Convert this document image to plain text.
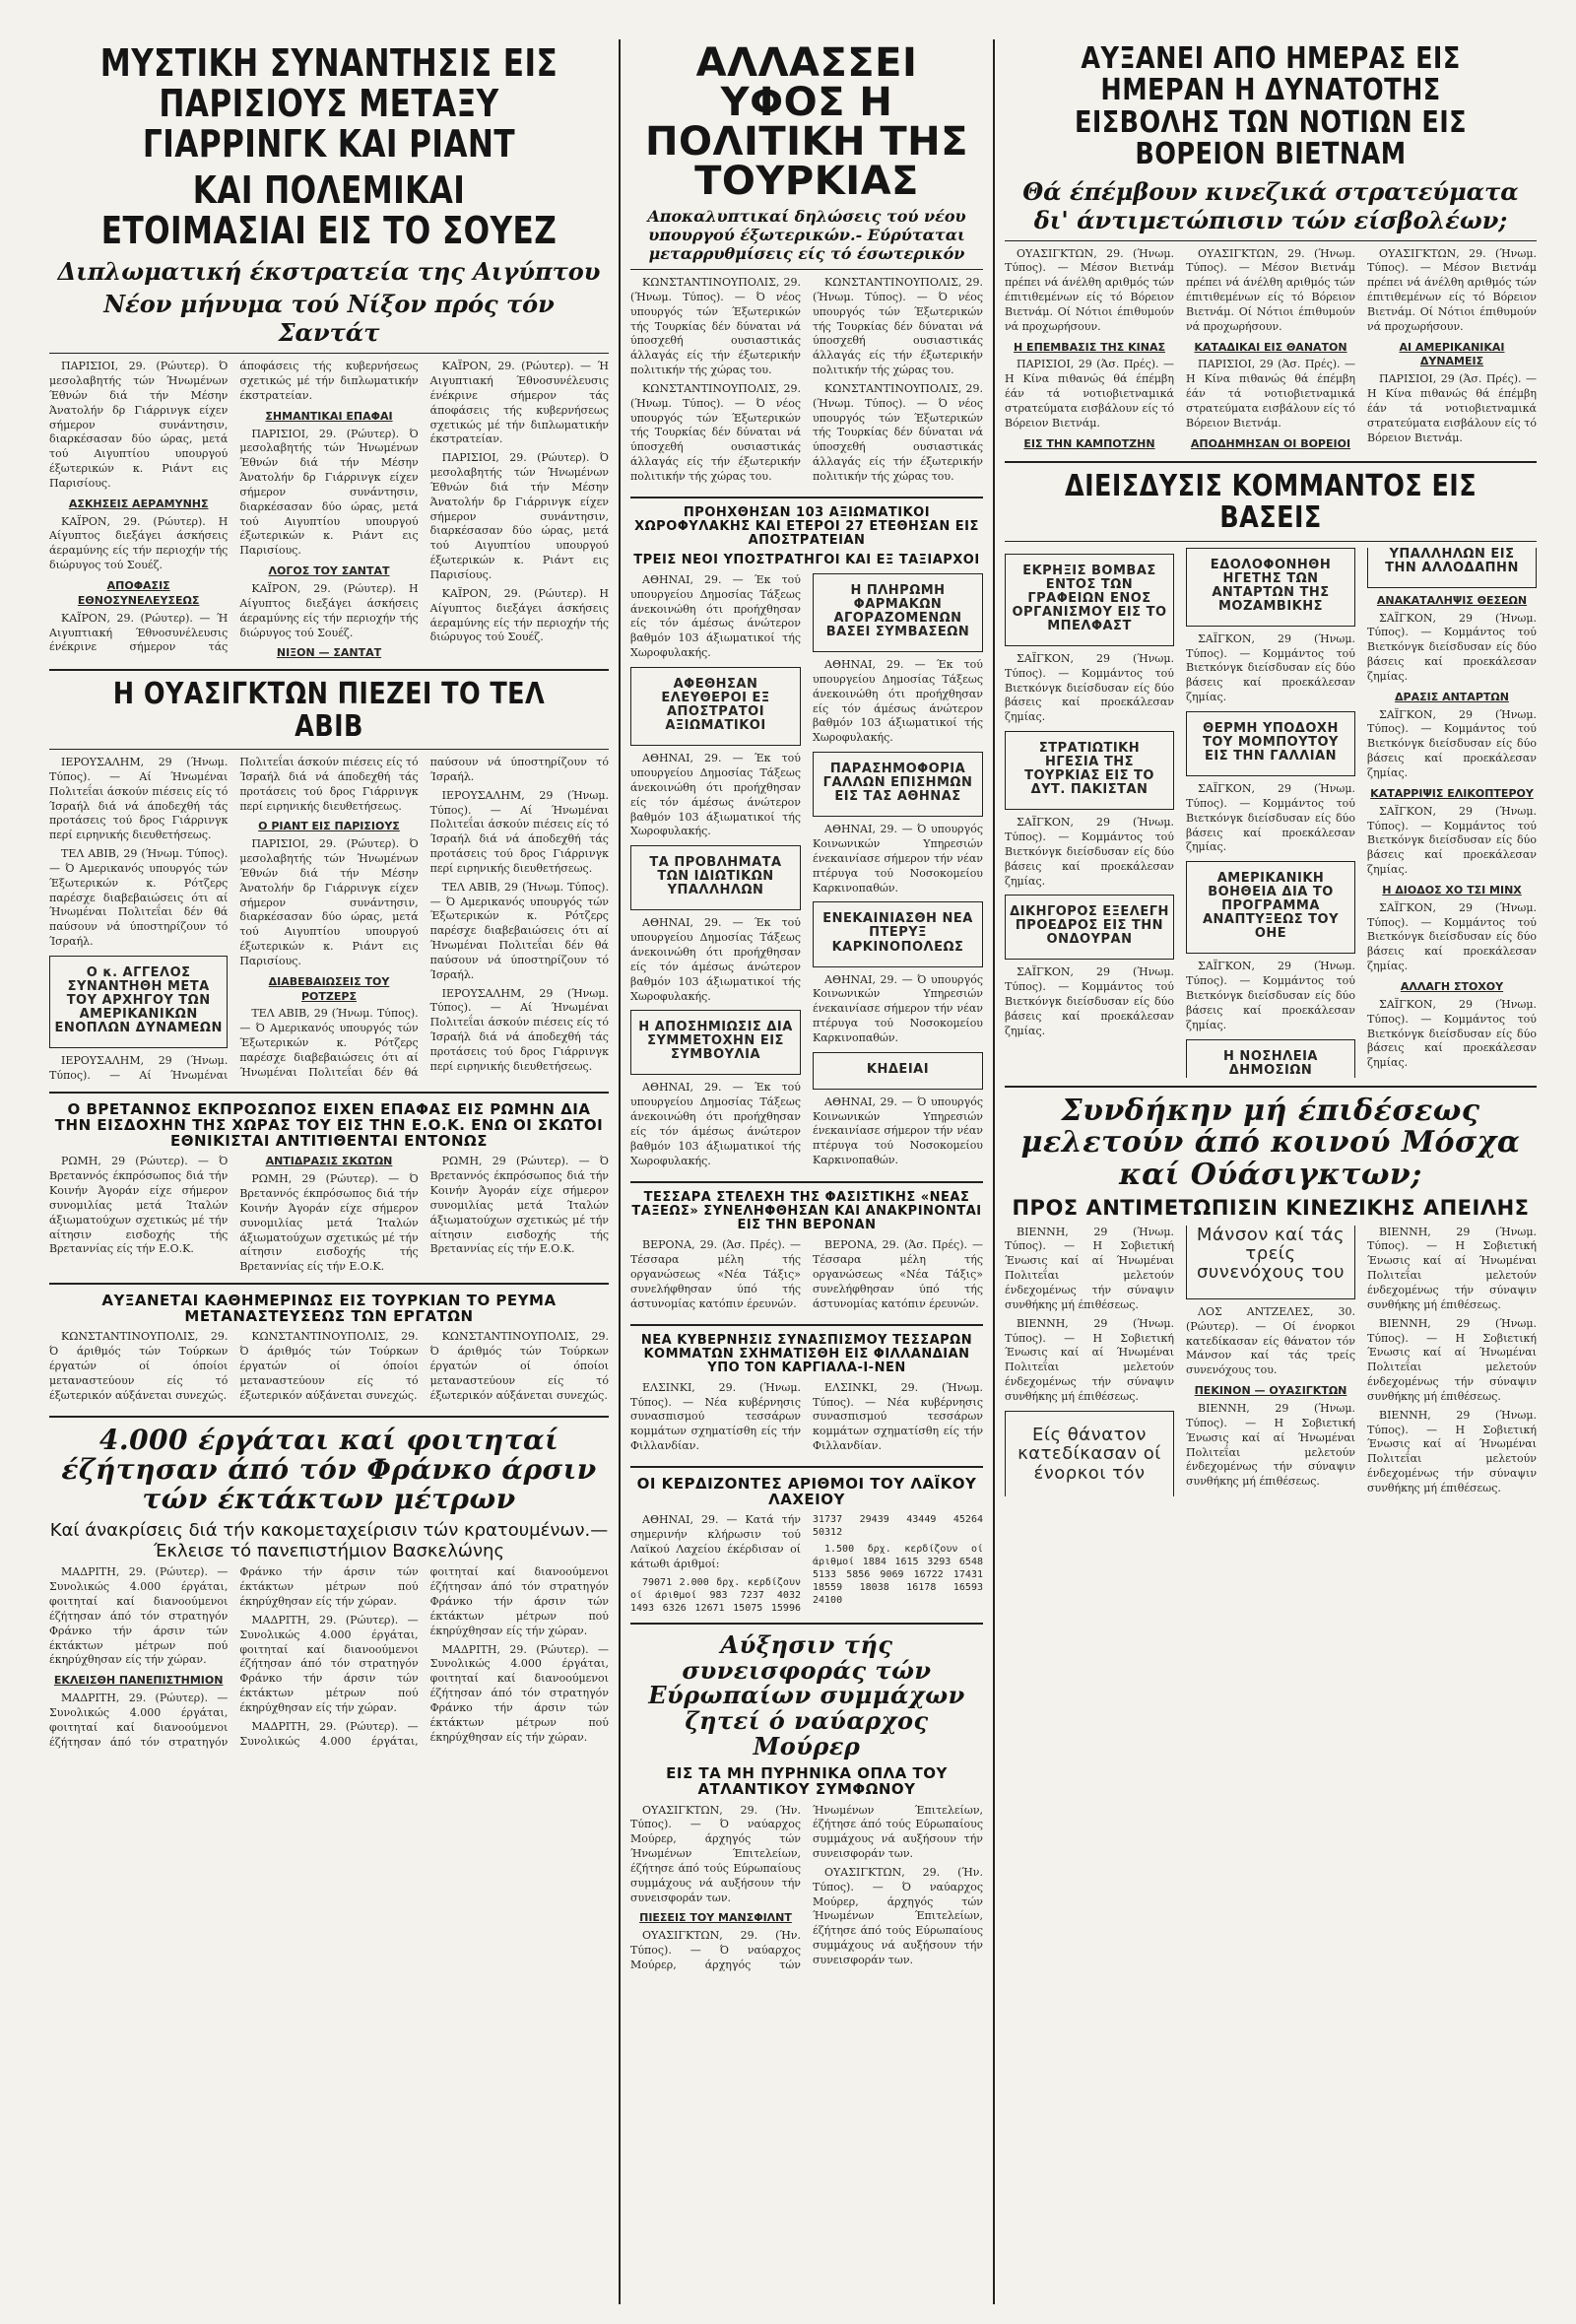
ΜΥΣΤΙΚΗ ΣΥΝΑΝΤΗΣΙΣ ΕΙΣ ΠΑΡΙΣΙΟΥΣ ΜΕΤΑΞΥ ΓΙΑΡΡΙΝΓΚ ΚΑΙ ΡΙΑΝΤ
ΚΑΙ ΠΟΛΕΜΙΚΑΙ ΕΤΟΙΜΑΣΙΑΙ ΕΙΣ ΤΟ ΣΟΥΕΖ
Διπλωματική έκστρατεία της Αιγύπτου
Νέον μήνυμα τού Νίξον πρός τόν Σαντάτ

ΠΑΡΙΣΙΟΙ, 29. (Ρώυτερ). Ό μεσολαβητής τών Ήνωμένων Έθνών διά τήν Μέσην Άνατολήν δρ Γιάρρινγκ είχεν σήμερον συνάντησιν, διαρκέσασαν δύο ώρας, μετά τού Αιγυπτίου υπουργού έξωτερικών κ. Ριάντ εις Παρισίους.

ΑΣΚΗΣΕΙΣ ΑΕΡΑΜΥΝΗΣ

ΚΑΪΡΟΝ, 29. (Ρώυτερ). Η Αίγυπτος διεξάγει άσκήσεις άεραμύνης είς τήν περιοχήν τής διώρυγος τού Σουέζ.

ΑΠΟΦΑΣΙΣ ΕΘΝΟΣΥΝΕΛΕΥΣΕΩΣ

ΚΑΪΡΟΝ, 29. (Ρώυτερ). — Ή Αιγυπτιακή Έθνοσυνέλευσις ένέκρινε σήμερον τάς άποφάσεις τής κυβερνήσεως σχετικώς μέ τήν διπλωματικήν έκστρατείαν.

ΣΗΜΑΝΤΙΚΑΙ ΕΠΑΦΑΙ

ΠΑΡΙΣΙΟΙ, 29. (Ρώυτερ). Ό μεσολαβητής τών Ήνωμένων Έθνών διά τήν Μέσην Άνατολήν δρ Γιάρρινγκ είχεν σήμερον συνάντησιν, διαρκέσασαν δύο ώρας, μετά τού Αιγυπτίου υπουργού έξωτερικών κ. Ριάντ εις Παρισίους.

ΛΟΓΟΣ ΤΟΥ ΣΑΝΤΑΤ

ΚΑΪΡΟΝ, 29. (Ρώυτερ). Η Αίγυπτος διεξάγει άσκήσεις άεραμύνης είς τήν περιοχήν τής διώρυγος τού Σουέζ.

ΝΙΞΟΝ — ΣΑΝΤΑΤ

ΚΑΪΡΟΝ, 29. (Ρώυτερ). — Ή Αιγυπτιακή Έθνοσυνέλευσις ένέκρινε σήμερον τάς άποφάσεις τής κυβερνήσεως σχετικώς μέ τήν διπλωματικήν έκστρατείαν.

ΠΑΡΙΣΙΟΙ, 29. (Ρώυτερ). Ό μεσολαβητής τών Ήνωμένων Έθνών διά τήν Μέσην Άνατολήν δρ Γιάρρινγκ είχεν σήμερον συνάντησιν, διαρκέσασαν δύο ώρας, μετά τού Αιγυπτίου υπουργού έξωτερικών κ. Ριάντ εις Παρισίους.

ΚΑΪΡΟΝ, 29. (Ρώυτερ). Η Αίγυπτος διεξάγει άσκήσεις άεραμύνης είς τήν περιοχήν τής διώρυγος τού Σουέζ.

Η ΟΥΑΣΙΓΚΤΩΝ ΠΙΕΖΕΙ ΤΟ ΤΕΛ ΑΒΙΒ

ΙΕΡΟΥΣΑΛΗΜ, 29 (Ήνωμ. Τύπος). — Αί Ήνωμέναι Πολιτεΐαι άσκούν πιέσεις είς τό Ίσραήλ διά νά άποδεχθή τάς προτάσεις τού δρος Γιάρρινγκ περί ειρηνικής διευθετήσεως.

ΤΕΛ ΑΒΙΒ, 29 (Ήνωμ. Τύπος). — Ό Αμερικανός υπουργός τών Έξωτερικών κ. Ρότζερς παρέσχε διαβεβαιώσεις ότι αί Ήνωμέναι Πολιτεΐαι δέν θά παύσουν νά ύποστηρίζουν τό Ίσραήλ.

Ο κ. ΑΓΓΕΛΟΣ ΣΥΝΑΝΤΗΘΗ ΜΕΤΑ ΤΟΥ ΑΡΧΗΓΟΥ ΤΩΝ ΑΜΕΡΙΚΑΝΙΚΩΝ ΕΝΟΠΛΩΝ ΔΥΝΑΜΕΩΝ

ΙΕΡΟΥΣΑΛΗΜ, 29 (Ήνωμ. Τύπος). — Αί Ήνωμέναι Πολιτεΐαι άσκούν πιέσεις είς τό Ίσραήλ διά νά άποδεχθή τάς προτάσεις τού δρος Γιάρρινγκ περί ειρηνικής διευθετήσεως.

Ο ΡΙΑΝΤ ΕΙΣ ΠΑΡΙΣΙΟΥΣ

ΠΑΡΙΣΙΟΙ, 29. (Ρώυτερ). Ό μεσολαβητής τών Ήνωμένων Έθνών διά τήν Μέσην Άνατολήν δρ Γιάρρινγκ είχεν σήμερον συνάντησιν, διαρκέσασαν δύο ώρας, μετά τού Αιγυπτίου υπουργού έξωτερικών κ. Ριάντ εις Παρισίους.

ΔΙΑΒΕΒΑΙΩΣΕΙΣ ΤΟΥ ΡΟΤΖΕΡΣ

ΤΕΛ ΑΒΙΒ, 29 (Ήνωμ. Τύπος). — Ό Αμερικανός υπουργός τών Έξωτερικών κ. Ρότζερς παρέσχε διαβεβαιώσεις ότι αί Ήνωμέναι Πολιτεΐαι δέν θά παύσουν νά ύποστηρίζουν τό Ίσραήλ.

ΙΕΡΟΥΣΑΛΗΜ, 29 (Ήνωμ. Τύπος). — Αί Ήνωμέναι Πολιτεΐαι άσκούν πιέσεις είς τό Ίσραήλ διά νά άποδεχθή τάς προτάσεις τού δρος Γιάρρινγκ περί ειρηνικής διευθετήσεως.

ΤΕΛ ΑΒΙΒ, 29 (Ήνωμ. Τύπος). — Ό Αμερικανός υπουργός τών Έξωτερικών κ. Ρότζερς παρέσχε διαβεβαιώσεις ότι αί Ήνωμέναι Πολιτεΐαι δέν θά παύσουν νά ύποστηρίζουν τό Ίσραήλ.

ΙΕΡΟΥΣΑΛΗΜ, 29 (Ήνωμ. Τύπος). — Αί Ήνωμέναι Πολιτεΐαι άσκούν πιέσεις είς τό Ίσραήλ διά νά άποδεχθή τάς προτάσεις τού δρος Γιάρρινγκ περί ειρηνικής διευθετήσεως.

Ο ΒΡΕΤΑΝΝΟΣ ΕΚΠΡΟΣΩΠΟΣ ΕΙΧΕΝ ΕΠΑΦΑΣ ΕΙΣ ΡΩΜΗΝ ΔΙΑ ΤΗΝ ΕΙΣΔΟΧΗΝ ΤΗΣ ΧΩΡΑΣ ΤΟΥ ΕΙΣ ΤΗΝ Ε.Ο.Κ. ΕΝΩ ΟΙ ΣΚΩΤΟΙ ΕΘΝΙΚΙΣΤΑΙ ΑΝΤΙΤΙΘΕΝΤΑΙ ΕΝΤΟΝΩΣ

ΡΩΜΗ, 29 (Ρώυτερ). — Ό Βρεταννός έκπρόσωπος διά τήν Κοινήν Άγοράν είχε σήμερον συνομιλίας μετά Ίταλών άξιωματούχων σχετικώς μέ τήν αίτησιν εισδοχής τής Βρεταννίας είς τήν Ε.Ο.Κ.

ΑΝΤΙΔΡΑΣΙΣ ΣΚΩΤΩΝ

ΡΩΜΗ, 29 (Ρώυτερ). — Ό Βρεταννός έκπρόσωπος διά τήν Κοινήν Άγοράν είχε σήμερον συνομιλίας μετά Ίταλών άξιωματούχων σχετικώς μέ τήν αίτησιν εισδοχής τής Βρεταννίας είς τήν Ε.Ο.Κ.

ΡΩΜΗ, 29 (Ρώυτερ). — Ό Βρεταννός έκπρόσωπος διά τήν Κοινήν Άγοράν είχε σήμερον συνομιλίας μετά Ίταλών άξιωματούχων σχετικώς μέ τήν αίτησιν εισδοχής τής Βρεταννίας είς τήν Ε.Ο.Κ.

ΑΥΞΑΝΕΤΑΙ ΚΑΘΗΜΕΡΙΝΩΣ ΕΙΣ ΤΟΥΡΚΙΑΝ ΤΟ ΡΕΥΜΑ ΜΕΤΑΝΑΣΤΕΥΣΕΩΣ ΤΩΝ ΕΡΓΑΤΩΝ

ΚΩΝΣΤΑΝΤΙΝΟΥΠΟΛΙΣ, 29. Ό άριθμός τών Τούρκων έργατών οί όποίοι μεταναστεύουν είς τό έξωτερικόν αύξάνεται συνεχώς.

ΚΩΝΣΤΑΝΤΙΝΟΥΠΟΛΙΣ, 29. Ό άριθμός τών Τούρκων έργατών οί όποίοι μεταναστεύουν είς τό έξωτερικόν αύξάνεται συνεχώς.

ΚΩΝΣΤΑΝΤΙΝΟΥΠΟΛΙΣ, 29. Ό άριθμός τών Τούρκων έργατών οί όποίοι μεταναστεύουν είς τό έξωτερικόν αύξάνεται συνεχώς.

4.000 έργάται καί φοιτηταί έζήτησαν άπό τόν Φράνκο άρσιν τών έκτάκτων μέτρων
Καί άνακρίσεις διά τήν κακομεταχείρισιν τών κρατουμένων.—Έκλεισε τό πανεπιστήμιον Βασκελώνης

ΜΑΔΡΙΤΗ, 29. (Ρώυτερ). — Συνολικώς 4.000 έργάται, φοιτηταί καί διανοούμενοι έζήτησαν άπό τόν στρατηγόν Φράνκο τήν άρσιν τών έκτάκτων μέτρων πού έκηρύχθησαν είς τήν χώραν.

ΕΚΛΕΙΣΘΗ ΠΑΝΕΠΙΣΤΗΜΙΟΝ

ΜΑΔΡΙΤΗ, 29. (Ρώυτερ). — Συνολικώς 4.000 έργάται, φοιτηταί καί διανοούμενοι έζήτησαν άπό τόν στρατηγόν Φράνκο τήν άρσιν τών έκτάκτων μέτρων πού έκηρύχθησαν είς τήν χώραν.

ΜΑΔΡΙΤΗ, 29. (Ρώυτερ). — Συνολικώς 4.000 έργάται, φοιτηταί καί διανοούμενοι έζήτησαν άπό τόν στρατηγόν Φράνκο τήν άρσιν τών έκτάκτων μέτρων πού έκηρύχθησαν είς τήν χώραν.

ΜΑΔΡΙΤΗ, 29. (Ρώυτερ). — Συνολικώς 4.000 έργάται, φοιτηταί καί διανοούμενοι έζήτησαν άπό τόν στρατηγόν Φράνκο τήν άρσιν τών έκτάκτων μέτρων πού έκηρύχθησαν είς τήν χώραν.

ΜΑΔΡΙΤΗ, 29. (Ρώυτερ). — Συνολικώς 4.000 έργάται, φοιτηταί καί διανοούμενοι έζήτησαν άπό τόν στρατηγόν Φράνκο τήν άρσιν τών έκτάκτων μέτρων πού έκηρύχθησαν είς τήν χώραν.

ΑΛΛΑΣΣΕΙ ΥΦΟΣ Η ΠΟΛΙΤΙΚΗ ΤΗΣ ΤΟΥΡΚΙΑΣ
Αποκαλυπτικαί δηλώσεις τού νέου υπουργού έξωτερικών.- Εύρύταται μεταρρυθμίσεις είς τό έσωτερικόν

ΚΩΝΣΤΑΝΤΙΝΟΥΠΟΛΙΣ, 29. (Ήνωμ. Τύπος). — Ό νέος υπουργός τών Έξωτερικών τής Τουρκίας δέν δύναται νά ύποσχεθή ουσιαστικάς άλλαγάς είς τήν έξωτερικήν πολιτικήν τής χώρας του.

ΚΩΝΣΤΑΝΤΙΝΟΥΠΟΛΙΣ, 29. (Ήνωμ. Τύπος). — Ό νέος υπουργός τών Έξωτερικών τής Τουρκίας δέν δύναται νά ύποσχεθή ουσιαστικάς άλλαγάς είς τήν έξωτερικήν πολιτικήν τής χώρας του.

ΚΩΝΣΤΑΝΤΙΝΟΥΠΟΛΙΣ, 29. (Ήνωμ. Τύπος). — Ό νέος υπουργός τών Έξωτερικών τής Τουρκίας δέν δύναται νά ύποσχεθή ουσιαστικάς άλλαγάς είς τήν έξωτερικήν πολιτικήν τής χώρας του.

ΚΩΝΣΤΑΝΤΙΝΟΥΠΟΛΙΣ, 29. (Ήνωμ. Τύπος). — Ό νέος υπουργός τών Έξωτερικών τής Τουρκίας δέν δύναται νά ύποσχεθή ουσιαστικάς άλλαγάς είς τήν έξωτερικήν πολιτικήν τής χώρας του.

ΠΡΟΗΧΘΗΣΑΝ 103 ΑΞΙΩΜΑΤΙΚΟΙ ΧΩΡΟΦΥΛΑΚΗΣ ΚΑΙ ΕΤΕΡΟΙ 27 ΕΤΕΘΗΣΑΝ ΕΙΣ ΑΠΟΣΤΡΑΤΕΙΑΝ
ΤΡΕΙΣ ΝΕΟΙ ΥΠΟΣΤΡΑΤΗΓΟΙ ΚΑΙ ΕΞ ΤΑΞΙΑΡΧΟΙ

ΑΘΗΝΑΙ, 29. — Έκ τού υπουργείου Δημοσίας Τάξεως άνεκοινώθη ότι προήχθησαν είς τόν άμέσως άνώτερον βαθμόν 103 άξιωματικοί τής Χωροφυλακής.

ΑΦΕΘΗΣΑΝ ΕΛΕΥΘΕΡΟΙ ΕΞ ΑΠΟΣΤΡΑΤΟΙ ΑΞΙΩΜΑΤΙΚΟΙ

ΑΘΗΝΑΙ, 29. — Έκ τού υπουργείου Δημοσίας Τάξεως άνεκοινώθη ότι προήχθησαν είς τόν άμέσως άνώτερον βαθμόν 103 άξιωματικοί τής Χωροφυλακής.

ΤΑ ΠΡΟΒΛΗΜΑΤΑ ΤΩΝ ΙΔΙΩΤΙΚΩΝ ΥΠΑΛΛΗΛΩΝ

ΑΘΗΝΑΙ, 29. — Έκ τού υπουργείου Δημοσίας Τάξεως άνεκοινώθη ότι προήχθησαν είς τόν άμέσως άνώτερον βαθμόν 103 άξιωματικοί τής Χωροφυλακής.

Η ΑΠΟΣΗΜΙΩΣΙΣ ΔΙΑ ΣΥΜΜΕΤΟΧΗΝ ΕΙΣ ΣΥΜΒΟΥΛΙΑ

ΑΘΗΝΑΙ, 29. — Έκ τού υπουργείου Δημοσίας Τάξεως άνεκοινώθη ότι προήχθησαν είς τόν άμέσως άνώτερον βαθμόν 103 άξιωματικοί τής Χωροφυλακής.

Η ΠΛΗΡΩΜΗ ΦΑΡΜΑΚΩΝ ΑΓΟΡΑΖΟΜΕΝΩΝ ΒΑΣΕΙ ΣΥΜΒΑΣΕΩΝ

ΑΘΗΝΑΙ, 29. — Έκ τού υπουργείου Δημοσίας Τάξεως άνεκοινώθη ότι προήχθησαν είς τόν άμέσως άνώτερον βαθμόν 103 άξιωματικοί τής Χωροφυλακής.

ΠΑΡΑΣΗΜΟΦΟΡΙΑ ΓΑΛΛΩΝ ΕΠΙΣΗΜΩΝ ΕΙΣ ΤΑΣ ΑΘΗΝΑΣ

ΑΘΗΝΑΙ, 29. — Ό υπουργός Κοινωνικών Υπηρεσιών ένεκαινίασε σήμερον τήν νέαν πτέρυγα τού Νοσοκομείου Καρκινοπαθών.

ΕΝΕΚΑΙΝΙΑΣΘΗ ΝΕΑ ΠΤΕΡΥΞ ΚΑΡΚΙΝΟΠΟΛΕΩΣ

ΑΘΗΝΑΙ, 29. — Ό υπουργός Κοινωνικών Υπηρεσιών ένεκαινίασε σήμερον τήν νέαν πτέρυγα τού Νοσοκομείου Καρκινοπαθών.

ΚΗΔΕΙΑΙ

ΑΘΗΝΑΙ, 29. — Ό υπουργός Κοινωνικών Υπηρεσιών ένεκαινίασε σήμερον τήν νέαν πτέρυγα τού Νοσοκομείου Καρκινοπαθών.

ΤΕΣΣΑΡΑ ΣΤΕΛΕΧΗ ΤΗΣ ΦΑΣΙΣΤΙΚΗΣ «ΝΕΑΣ ΤΑΞΕΩΣ» ΣΥΝΕΛΗΦΘΗΣΑΝ ΚΑΙ ΑΝΑΚΡΙΝΟΝΤΑΙ ΕΙΣ ΤΗΝ ΒΕΡΟΝΑΝ

ΒΕΡΟΝΑ, 29. (Άσ. Πρές). — Τέσσαρα μέλη τής οργανώσεως «Νέα Τάξις» συνελήφθησαν ύπό τής άστυνομίας κατόπιν έρευνών.

ΒΕΡΟΝΑ, 29. (Άσ. Πρές). — Τέσσαρα μέλη τής οργανώσεως «Νέα Τάξις» συνελήφθησαν ύπό τής άστυνομίας κατόπιν έρευνών.

ΝΕΑ ΚΥΒΕΡΝΗΣΙΣ ΣΥΝΑΣΠΙΣΜΟΥ ΤΕΣΣΑΡΩΝ ΚΟΜΜΑΤΩΝ ΣΧΗΜΑΤΙΣΘΗ ΕΙΣ ΦΙΛΛΑΝΔΙΑΝ ΥΠΟ ΤΟΝ ΚΑΡΓΙΑΛΑ-Ι-ΝΕΝ

ΕΛΣΙΝΚΙ, 29. (Ήνωμ. Τύπος). — Νέα κυβέρνησις συνασπισμού τεσσάρων κομμάτων σχηματίσθη είς τήν Φιλλανδίαν.

ΕΛΣΙΝΚΙ, 29. (Ήνωμ. Τύπος). — Νέα κυβέρνησις συνασπισμού τεσσάρων κομμάτων σχηματίσθη είς τήν Φιλλανδίαν.

ΟΙ ΚΕΡΔΙΖΟΝΤΕΣ ΑΡΙΘΜΟΙ ΤΟΥ ΛΑΪΚΟΥ ΛΑΧΕΙΟΥ

ΑΘΗΝΑΙ, 29. — Κατά τήν σημερινήν κλήρωσιν τού Λαϊκού Λαχείου έκέρδισαν οί κάτωθι άριθμοί:

79071 2.000 δρχ. κερδίζουν οί άριθμοί 983 7237 4032 1493 6326 12671 15075 15996 31737 29439 43449 45264 50312

1.500 δρχ. κερδίζουν οί άριθμοί 1884 1615 3293 6548 5133 5856 9069 16722 17431 18559 18038 16178 16593 24100

Αύξησιν τής συνεισφοράς τών Εύρωπαίων συμμάχων ζητεί ό ναύαρχος Μούρερ
ΕΙΣ ΤΑ ΜΗ ΠΥΡΗΝΙΚΑ ΟΠΛΑ ΤΟΥ ΑΤΛΑΝΤΙΚΟΥ ΣΥΜΦΩΝΟΥ

ΟΥΑΣΙΓΚΤΩΝ, 29. (Ήν. Τύπος). — Ό ναύαρχος Μούρερ, άρχηγός τών Ήνωμένων Έπιτελείων, έζήτησε άπό τούς Εύρωπαίους συμμάχους νά αυξήσουν τήν συνεισφοράν των.

ΠΙΕΣΕΙΣ ΤΟΥ ΜΑΝΣΦΙΛΝΤ

ΟΥΑΣΙΓΚΤΩΝ, 29. (Ήν. Τύπος). — Ό ναύαρχος Μούρερ, άρχηγός τών Ήνωμένων Έπιτελείων, έζήτησε άπό τούς Εύρωπαίους συμμάχους νά αυξήσουν τήν συνεισφοράν των.

ΟΥΑΣΙΓΚΤΩΝ, 29. (Ήν. Τύπος). — Ό ναύαρχος Μούρερ, άρχηγός τών Ήνωμένων Έπιτελείων, έζήτησε άπό τούς Εύρωπαίους συμμάχους νά αυξήσουν τήν συνεισφοράν των.

ΑΥΞΑΝΕΙ ΑΠΟ ΗΜΕΡΑΣ ΕΙΣ ΗΜΕΡΑΝ Η ΔΥΝΑΤΟΤΗΣ ΕΙΣΒΟΛΗΣ ΤΩΝ ΝΟΤΙΩΝ ΕΙΣ ΒΟΡΕΙΟΝ ΒΙΕΤΝΑΜ
Θά έπέμβουν κινεζικά στρατεύματα δι' άντιμετώπισιν τών είσβολέων;

ΟΥΑΣΙΓΚΤΩΝ, 29. (Ήνωμ. Τύπος). — Μέσον Βιετνάμ πρέπει νά άνέλθη αριθμός τών έπιτιθεμένων είς τό Βόρειον Βιετνάμ. Οί Νότιοι έπιθυμούν νά προχωρήσουν.

Η ΕΠΕΜΒΑΣΙΣ ΤΗΣ ΚΙΝΑΣ

ΠΑΡΙΣΙΟΙ, 29 (Άσ. Πρές). — Η Κίνα πιθανώς θά έπέμβη έάν τά νοτιοβιετναμικά στρατεύματα εισβάλουν είς τό Βόρειον Βιετνάμ.

ΕΙΣ ΤΗΝ ΚΑΜΠΟΤΖΗΝ

ΟΥΑΣΙΓΚΤΩΝ, 29. (Ήνωμ. Τύπος). — Μέσον Βιετνάμ πρέπει νά άνέλθη αριθμός τών έπιτιθεμένων είς τό Βόρειον Βιετνάμ. Οί Νότιοι έπιθυμούν νά προχωρήσουν.

ΚΑΤΑΔΙΚΑΙ ΕΙΣ ΘΑΝΑΤΟΝ

ΠΑΡΙΣΙΟΙ, 29 (Άσ. Πρές). — Η Κίνα πιθανώς θά έπέμβη έάν τά νοτιοβιετναμικά στρατεύματα εισβάλουν είς τό Βόρειον Βιετνάμ.

ΑΠΟΔΗΜΗΣΑΝ ΟΙ ΒΟΡΕΙΟΙ

ΟΥΑΣΙΓΚΤΩΝ, 29. (Ήνωμ. Τύπος). — Μέσον Βιετνάμ πρέπει νά άνέλθη αριθμός τών έπιτιθεμένων είς τό Βόρειον Βιετνάμ. Οί Νότιοι έπιθυμούν νά προχωρήσουν.

ΑΙ ΑΜΕΡΙΚΑΝΙΚΑΙ ΔΥΝΑΜΕΙΣ

ΠΑΡΙΣΙΟΙ, 29 (Άσ. Πρές). — Η Κίνα πιθανώς θά έπέμβη έάν τά νοτιοβιετναμικά στρατεύματα εισβάλουν είς τό Βόρειον Βιετνάμ.

ΔΙΕΙΣΔΥΣΙΣ ΚΟΜΜΑΝΤΟΣ ΕΙΣ ΒΑΣΕΙΣ
ΕΚΡΗΞΙΣ ΒΟΜΒΑΣ ΕΝΤΟΣ ΤΩΝ ΓΡΑΦΕΙΩΝ ΕΝΟΣ ΟΡΓΑΝΙΣΜΟΥ ΕΙΣ ΤΟ ΜΠΕΛΦΑΣΤ

ΣΑΪΓΚΟΝ, 29 (Ήνωμ. Τύπος). — Κομμάντος τού Βιετκόνγκ διείσδυσαν είς δύο βάσεις καί προεκάλεσαν ζημίας.

ΣΤΡΑΤΙΩΤΙΚΗ ΗΓΕΣΙΑ ΤΗΣ ΤΟΥΡΚΙΑΣ ΕΙΣ ΤΟ ΔΥΤ. ΠΑΚΙΣΤΑΝ

ΣΑΪΓΚΟΝ, 29 (Ήνωμ. Τύπος). — Κομμάντος τού Βιετκόνγκ διείσδυσαν είς δύο βάσεις καί προεκάλεσαν ζημίας.

ΔΙΚΗΓΟΡΟΣ ΕΞΕΛΕΓΗ ΠΡΟΕΔΡΟΣ ΕΙΣ ΤΗΝ ΟΝΔΟΥΡΑΝ

ΣΑΪΓΚΟΝ, 29 (Ήνωμ. Τύπος). — Κομμάντος τού Βιετκόνγκ διείσδυσαν είς δύο βάσεις καί προεκάλεσαν ζημίας.

ΕΔΟΛΟΦΟΝΗΘΗ ΗΓΕΤΗΣ ΤΩΝ ΑΝΤΑΡΤΩΝ ΤΗΣ ΜΟΖΑΜΒΙΚΗΣ

ΣΑΪΓΚΟΝ, 29 (Ήνωμ. Τύπος). — Κομμάντος τού Βιετκόνγκ διείσδυσαν είς δύο βάσεις καί προεκάλεσαν ζημίας.

ΘΕΡΜΗ ΥΠΟΔΟΧΗ ΤΟΥ ΜΟΜΠΟΥΤΟΥ ΕΙΣ ΤΗΝ ΓΑΛΛΙΑΝ

ΣΑΪΓΚΟΝ, 29 (Ήνωμ. Τύπος). — Κομμάντος τού Βιετκόνγκ διείσδυσαν είς δύο βάσεις καί προεκάλεσαν ζημίας.

ΑΜΕΡΙΚΑΝΙΚΗ ΒΟΗΘΕΙΑ ΔΙΑ ΤΟ ΠΡΟΓΡΑΜΜΑ ΑΝΑΠΤΥΞΕΩΣ ΤΟΥ ΟΗΕ

ΣΑΪΓΚΟΝ, 29 (Ήνωμ. Τύπος). — Κομμάντος τού Βιετκόνγκ διείσδυσαν είς δύο βάσεις καί προεκάλεσαν ζημίας.

Η ΝΟΣΗΛΕΙΑ ΔΗΜΟΣΙΩΝ ΥΠΑΛΛΗΛΩΝ ΕΙΣ ΤΗΝ ΑΛΛΟΔΑΠΗΝ
ΑΝΑΚΑΤΑΛΗΨΙΣ ΘΕΣΕΩΝ

ΣΑΪΓΚΟΝ, 29 (Ήνωμ. Τύπος). — Κομμάντος τού Βιετκόνγκ διείσδυσαν είς δύο βάσεις καί προεκάλεσαν ζημίας.

ΔΡΑΣΙΣ ΑΝΤΑΡΤΩΝ

ΣΑΪΓΚΟΝ, 29 (Ήνωμ. Τύπος). — Κομμάντος τού Βιετκόνγκ διείσδυσαν είς δύο βάσεις καί προεκάλεσαν ζημίας.

ΚΑΤΑΡΡΙΨΙΣ ΕΛΙΚΟΠΤΕΡΟΥ

ΣΑΪΓΚΟΝ, 29 (Ήνωμ. Τύπος). — Κομμάντος τού Βιετκόνγκ διείσδυσαν είς δύο βάσεις καί προεκάλεσαν ζημίας.

Η ΔΙΟΔΟΣ ΧΟ ΤΣΙ ΜΙΝΧ

ΣΑΪΓΚΟΝ, 29 (Ήνωμ. Τύπος). — Κομμάντος τού Βιετκόνγκ διείσδυσαν είς δύο βάσεις καί προεκάλεσαν ζημίας.

ΑΛΛΑΓΗ ΣΤΟΧΟΥ

ΣΑΪΓΚΟΝ, 29 (Ήνωμ. Τύπος). — Κομμάντος τού Βιετκόνγκ διείσδυσαν είς δύο βάσεις καί προεκάλεσαν ζημίας.

Συνδήκην μή έπιδέσεως μελετούν άπό κοινού Μόσχα καί Ούάσιγκτων;
ΠΡΟΣ ΑΝΤΙΜΕΤΩΠΙΣΙΝ ΚΙΝΕΖΙΚΗΣ ΑΠΕΙΛΗΣ

ΒΙΕΝΝΗ, 29 (Ήνωμ. Τύπος). — Η Σοβιετική Ένωσις καί αί Ήνωμέναι Πολιτεΐαι μελετούν ένδεχομένως τήν σύναψιν συνθήκης μή έπιθέσεως.

ΒΙΕΝΝΗ, 29 (Ήνωμ. Τύπος). — Η Σοβιετική Ένωσις καί αί Ήνωμέναι Πολιτεΐαι μελετούν ένδεχομένως τήν σύναψιν συνθήκης μή έπιθέσεως.

Είς θάνατον κατεδίκασαν οί ένορκοι τόν Μάνσον καί τάς τρείς συνενόχους του

ΛΟΣ ΑΝΤΖΕΛΕΣ, 30. (Ρώυτερ). — Οί ένορκοι κατεδίκασαν είς θάνατον τόν Μάνσον καί τάς τρείς συνενόχους του.

ΠΕΚΙΝΟΝ — ΟΥΑΣΙΓΚΤΩΝ

ΒΙΕΝΝΗ, 29 (Ήνωμ. Τύπος). — Η Σοβιετική Ένωσις καί αί Ήνωμέναι Πολιτεΐαι μελετούν ένδεχομένως τήν σύναψιν συνθήκης μή έπιθέσεως.

ΒΙΕΝΝΗ, 29 (Ήνωμ. Τύπος). — Η Σοβιετική Ένωσις καί αί Ήνωμέναι Πολιτεΐαι μελετούν ένδεχομένως τήν σύναψιν συνθήκης μή έπιθέσεως.

ΒΙΕΝΝΗ, 29 (Ήνωμ. Τύπος). — Η Σοβιετική Ένωσις καί αί Ήνωμέναι Πολιτεΐαι μελετούν ένδεχομένως τήν σύναψιν συνθήκης μή έπιθέσεως.

ΒΙΕΝΝΗ, 29 (Ήνωμ. Τύπος). — Η Σοβιετική Ένωσις καί αί Ήνωμέναι Πολιτεΐαι μελετούν ένδεχομένως τήν σύναψιν συνθήκης μή έπιθέσεως.
